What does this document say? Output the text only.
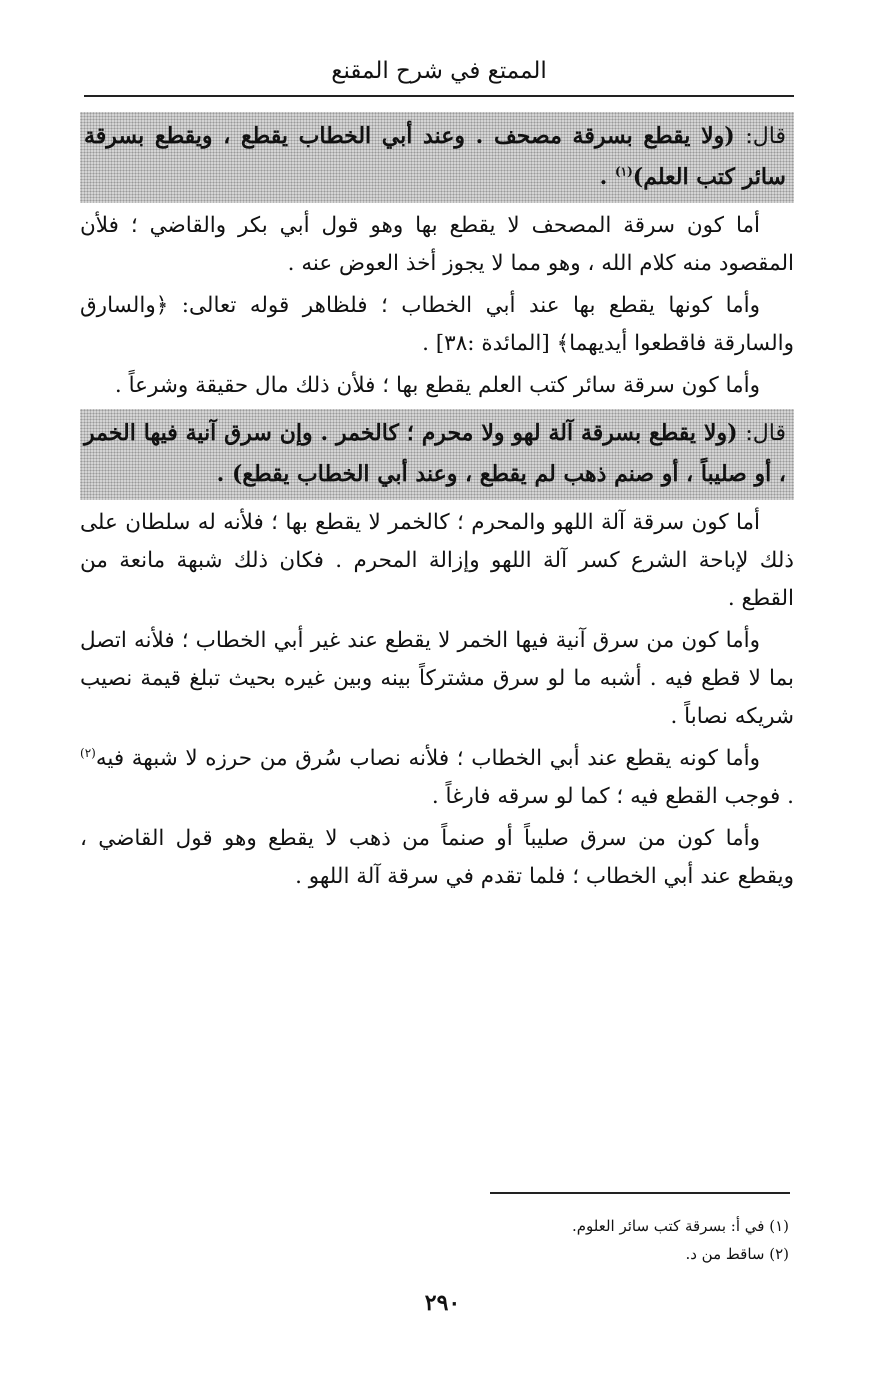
الممتع في شرح المقنع
قال: (ولا يقطع بسرقة مصحف . وعند أبي الخطاب يقطع ، ويقطع بسرقة سائر كتب العلم)$^{(١)}$ .

أما كون سرقة المصحف لا يقطع بها وهو قول أبي بكر والقاضي ؛ فلأن المقصود منه كلام الله ، وهو مما لا يجوز أخذ العوض عنه .

وأما كونها يقطع بها عند أبي الخطاب ؛ فلظاهر قوله تعالى: ﴿والسارق والسارقة فاقطعوا أيديهما﴾ [المائدة :٣٨] .

وأما كون سرقة سائر كتب العلم يقطع بها ؛ فلأن ذلك مال حقيقة وشرعاً .

قال: (ولا يقطع بسرقة آلة لهو ولا محرم ؛ كالخمر . وإن سرق آنية فيها الخمر ، أو صليباً ، أو صنم ذهب لم يقطع ، وعند أبي الخطاب يقطع) .

أما كون سرقة آلة اللهو والمحرم ؛ كالخمر لا يقطع بها ؛ فلأنه له سلطان على ذلك لإباحة الشرع كسر آلة اللهو وإزالة المحرم . فكان ذلك شبهة مانعة من القطع .

وأما كون من سرق آنية فيها الخمر لا يقطع عند غير أبي الخطاب ؛ فلأنه اتصل بما لا قطع فيه . أشبه ما لو سرق مشتركاً بينه وبين غيره بحيث تبلغ قيمة نصيب شريكه نصاباً .

وأما كونه يقطع عند أبي الخطاب ؛ فلأنه نصاب سُرق من حرزه لا شبهة فيه$^{(٢)}$ . فوجب القطع فيه ؛ كما لو سرقه فارغاً .

وأما كون من سرق صليباً أو صنماً من ذهب لا يقطع وهو قول القاضي ، ويقطع عند أبي الخطاب ؛ فلما تقدم في سرقة آلة اللهو .

(١) في أ: بسرقة كتب سائر العلوم.

(٢) ساقط من د.

٢٩٠
